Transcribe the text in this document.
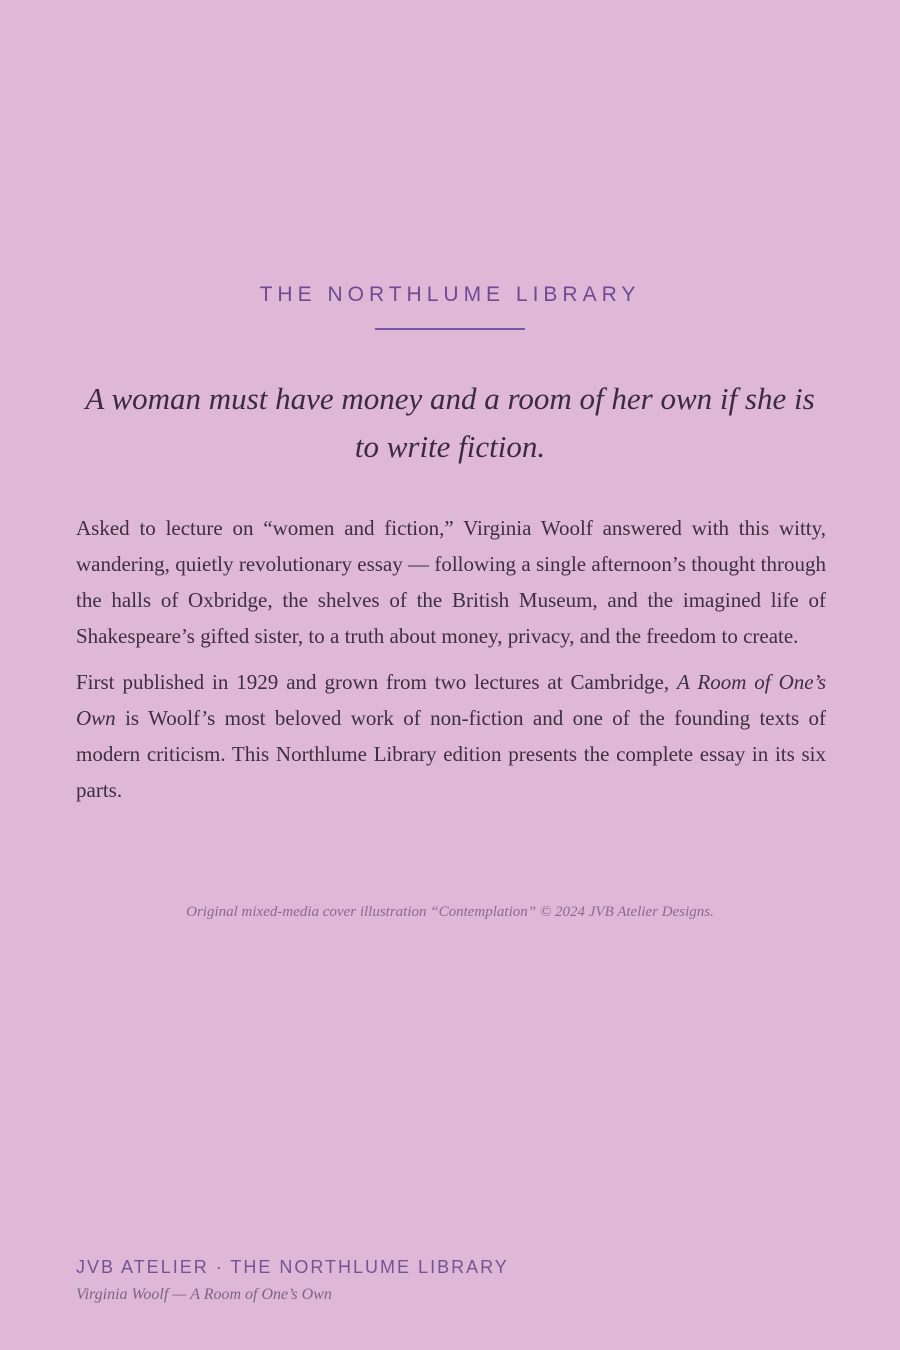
THE NORTHLUME LIBRARY
A woman must have money and a room of her own if she is to write fiction.

Asked to lecture on “women and fiction,” Virginia Woolf answered with this witty, wandering, quietly revolutionary essay — following a single afternoon’s thought through the halls of Oxbridge, the shelves of the British Museum, and the imagined life of Shakespeare’s gifted sister, to a truth about money, privacy, and the freedom to create.

First published in 1929 and grown from two lectures at Cambridge, A Room of One’s Own is Woolf’s most beloved work of non-fiction and one of the founding texts of modern criticism. This Northlume Library edition presents the complete essay in its six parts.

Original mixed-media cover illustration “Contemplation” © 2024 JVB Atelier Designs.
JVB ATELIER · THE NORTHLUME LIBRARY
Virginia Woolf — A Room of One’s Own
